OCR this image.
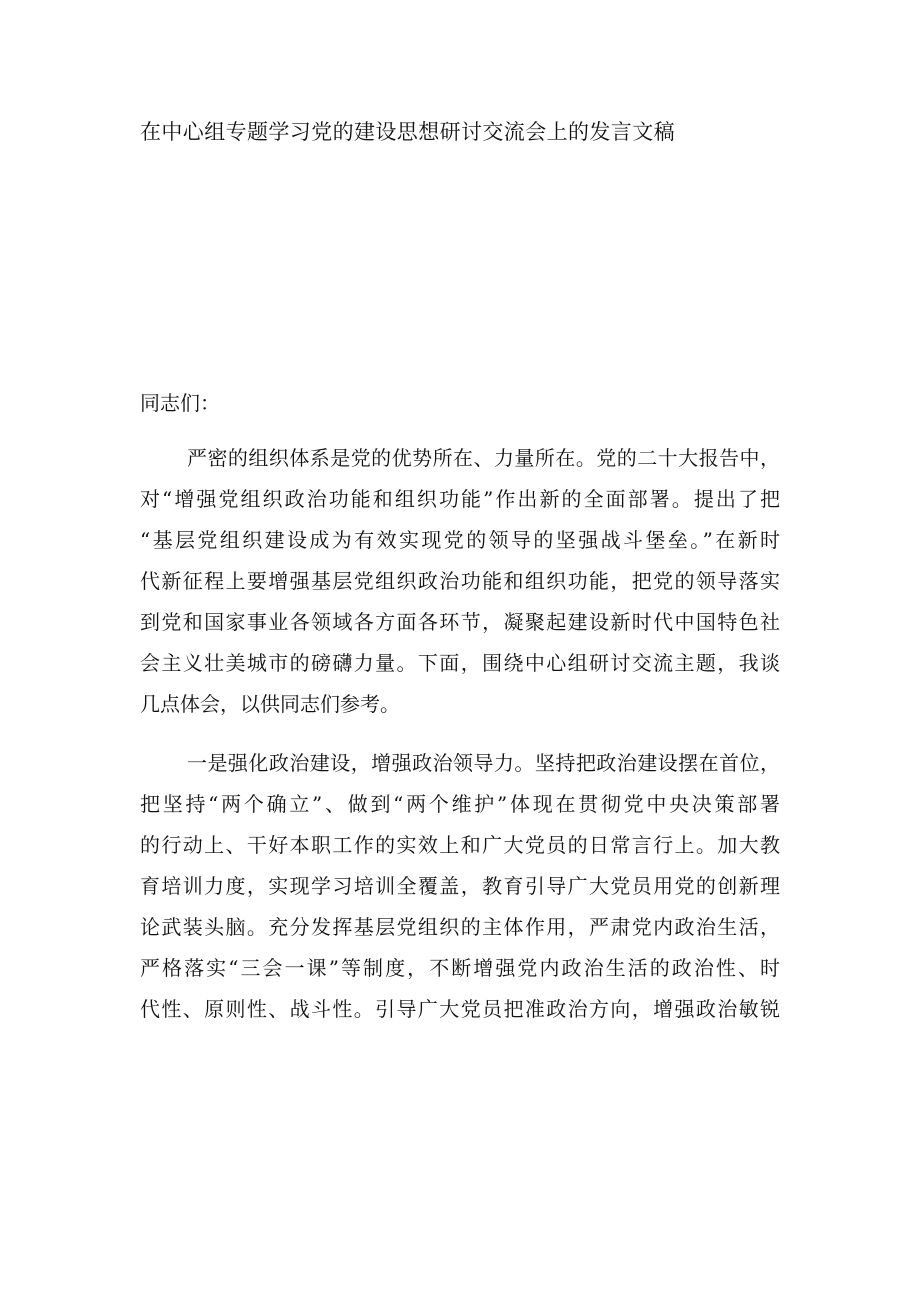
在中心组专题学习党的建设思想研讨交流会上的发言文稿

同志们：

严密的组织体系是党的优势所在、力量所在。党的二十大报告中，
对“增强党组织政治功能和组织功能”作出新的全面部署。提出了把
“基层党组织建设成为有效实现党的领导的坚强战斗堡垒。”在新时
代新征程上要增强基层党组织政治功能和组织功能，把党的领导落实
到党和国家事业各领域各方面各环节，凝聚起建设新时代中国特色社
会主义壮美城市的磅礴力量。下面，围绕中心组研讨交流主题，我谈
几点体会，以供同志们参考。

一是强化政治建设，增强政治领导力。坚持把政治建设摆在首位，
把坚持“两个确立”、做到“两个维护”体现在贯彻党中央决策部署
的行动上、干好本职工作的实效上和广大党员的日常言行上。加大教
育培训力度，实现学习培训全覆盖，教育引导广大党员用党的创新理
论武装头脑。充分发挥基层党组织的主体作用，严肃党内政治生活，
严格落实“三会一课”等制度，不断增强党内政治生活的政治性、时
代性、原则性、战斗性。引导广大党员把准政治方向，增强政治敏锐
